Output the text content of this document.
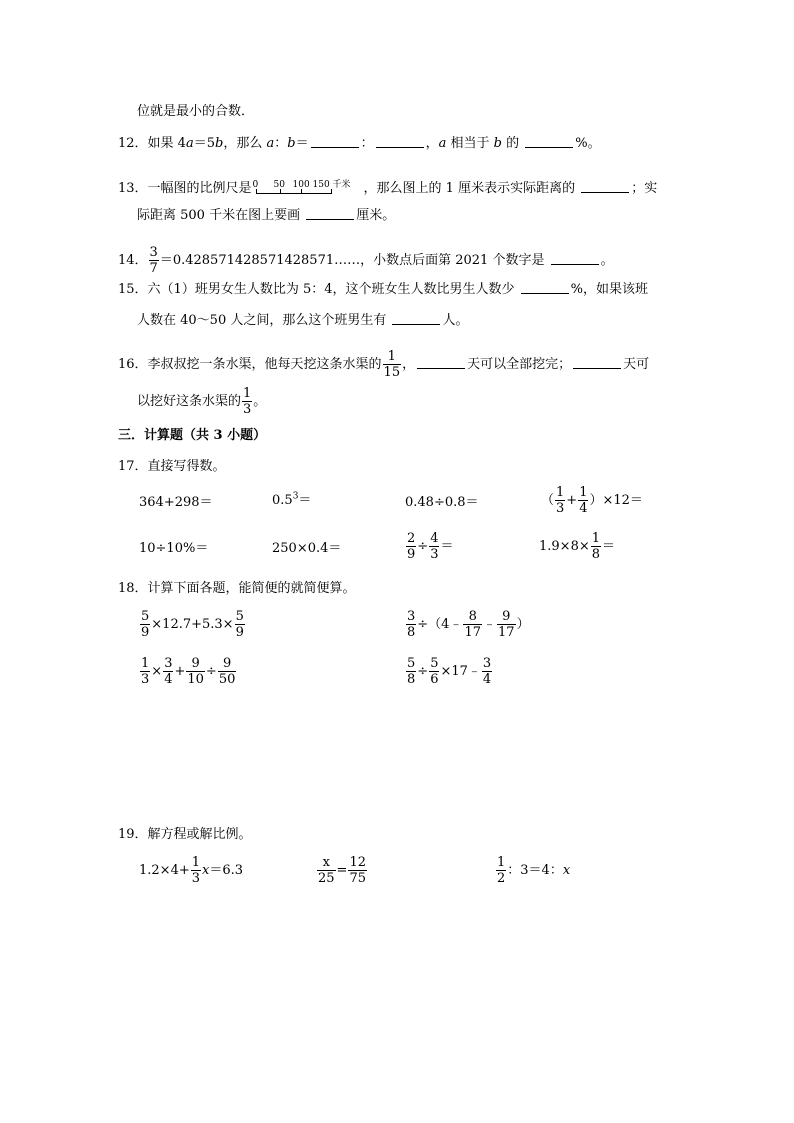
位就是最小的合数．
12．如果 4a＝5b，那么 a：b＝	：	，a 相当于 b 的	%。
13．一幅图的比例尺是 0 50 100 150 千米 ，那么图上的 1 厘米表示实际距离的	；实
际距离 500 千米在图上要画	厘米。
14． $\frac{3}{7}$ ＝0.428571428571428571……，小数点后面第 2021 个数字是	。
15．六（1）班男女生人数比为 5：4，这个班女生人数比男生人数少	%，如果该班
人数在 40～50 人之间，那么这个班男生有	人。
16．李叔叔挖一条水渠，他每天挖这条水渠的 $\frac{1}{15}$ ，	天可以全部挖完；	天可
以挖好这条水渠的 $\frac{1}{3}$ 。
三．计算题（共 3 小题）
17．直接写得数。
364+298＝	$0.5^3=$	0.48÷0.8＝	（ $\frac{1}{3} + \frac{1}{4} )\times 12=$
10÷10%＝	250×0.4＝	$\frac{2}{9} \div \frac{4}{3}$ ＝	$1.9\times 8\times \frac{1}{8}$ ＝
18．计算下面各题，能简便的就简便算。
$\frac{5}{9} \times 12.7+5.3\times \frac{5}{9}$	$\frac{3}{8}$ ÷（4﹣ $\frac{8}{17}$ ﹣ $\frac{9}{17}$ ）
$\frac{1}{3} \times \frac{3}{4} + \frac{9}{10} \div \frac{9}{50}$	$\frac{5}{8} \div \frac{5}{6}$ ×17﹣ $\frac{3}{4}$
19．解方程或解比例。
$1.2\times 4+ \frac{1}{3} x=6.3$	$\frac{x}{25} = \frac{12}{75}$	$\frac{1}{2}$ ：3＝4：x
